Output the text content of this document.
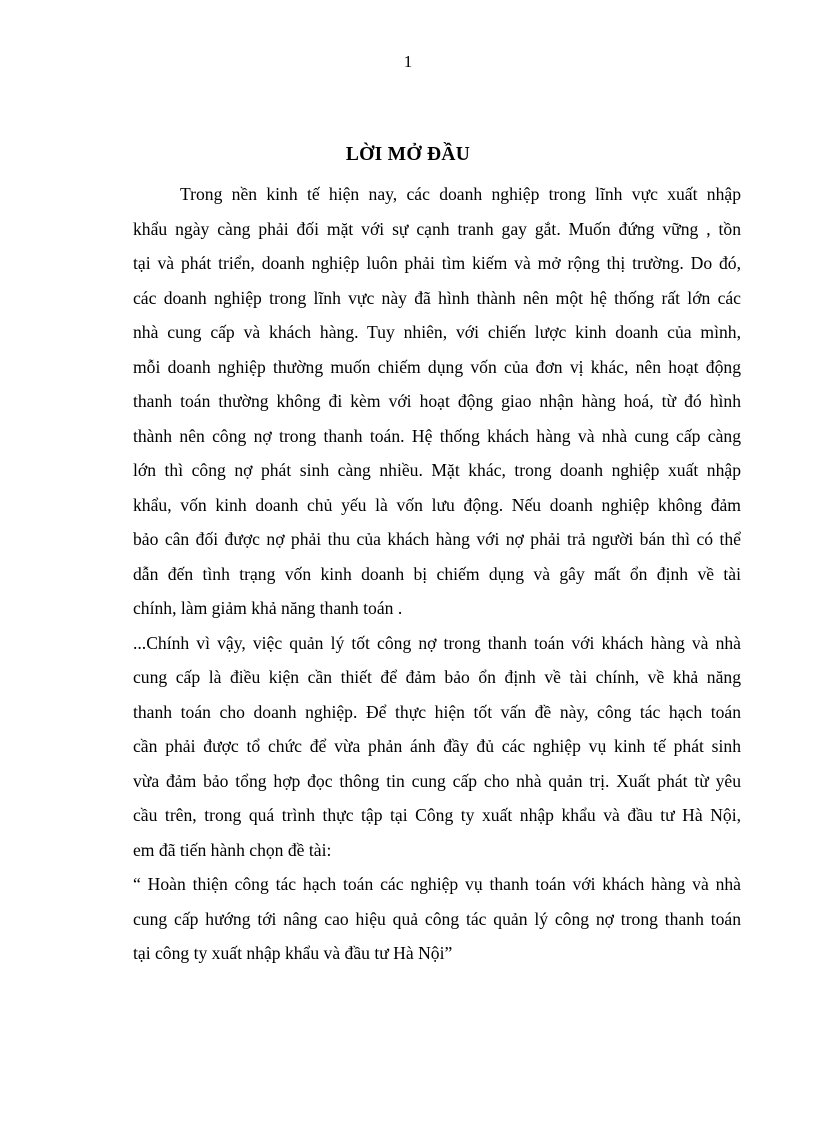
1
LỜI MỞ ĐẦU
Trong nền kinh tế hiện nay, các doanh nghiệp trong lĩnh vực xuất nhập
khẩu ngày càng phải đối mặt với sự cạnh tranh gay gắt. Muốn đứng vững , tồn
tại và phát triển, doanh nghiệp luôn phải tìm kiếm và mở rộng thị trường. Do đó,
các doanh nghiệp trong lĩnh vực này đã hình thành nên một hệ thống rất lớn các
nhà cung cấp và khách hàng. Tuy nhiên, với chiến lược kinh doanh của mình,
mỗi doanh nghiệp thường muốn chiếm dụng vốn của đơn vị khác, nên hoạt động
thanh toán thường không đi kèm với hoạt động giao nhận hàng hoá, từ đó hình
thành nên công nợ trong thanh toán. Hệ thống khách hàng và nhà cung cấp càng
lớn thì công nợ phát sinh càng nhiều. Mặt khác, trong doanh nghiệp xuất nhập
khẩu, vốn kinh doanh chủ yếu là vốn lưu động. Nếu doanh nghiệp không đảm
bảo cân đối được nợ phải thu của khách hàng với nợ phải trả người bán thì có thể
dẫn đến tình trạng vốn kinh doanh bị chiếm dụng và gây mất ổn định về tài
chính, làm giảm khả năng thanh toán .
...Chính vì vậy, việc quản lý tốt công nợ trong thanh toán với khách hàng và nhà
cung cấp là điều kiện cần thiết để đảm bảo ổn định về tài chính, về khả năng
thanh toán cho doanh nghiệp. Để thực hiện tốt vấn đề này, công tác hạch toán
cần phải được tổ chức để vừa phản ánh đầy đủ các nghiệp vụ kinh tế phát sinh
vừa đảm bảo tổng hợp đọc thông tin cung cấp cho nhà quản trị. Xuất phát từ yêu
cầu trên, trong quá trình thực tập tại Công ty xuất nhập khẩu và đầu tư Hà Nội,
em đã tiến hành chọn đề tài:
“ Hoàn thiện công tác hạch toán các nghiệp vụ thanh toán với khách hàng và nhà
cung cấp hướng tới nâng cao hiệu quả công tác quản lý công nợ trong thanh toán
tại công ty xuất nhập khẩu và đầu tư Hà Nội”
